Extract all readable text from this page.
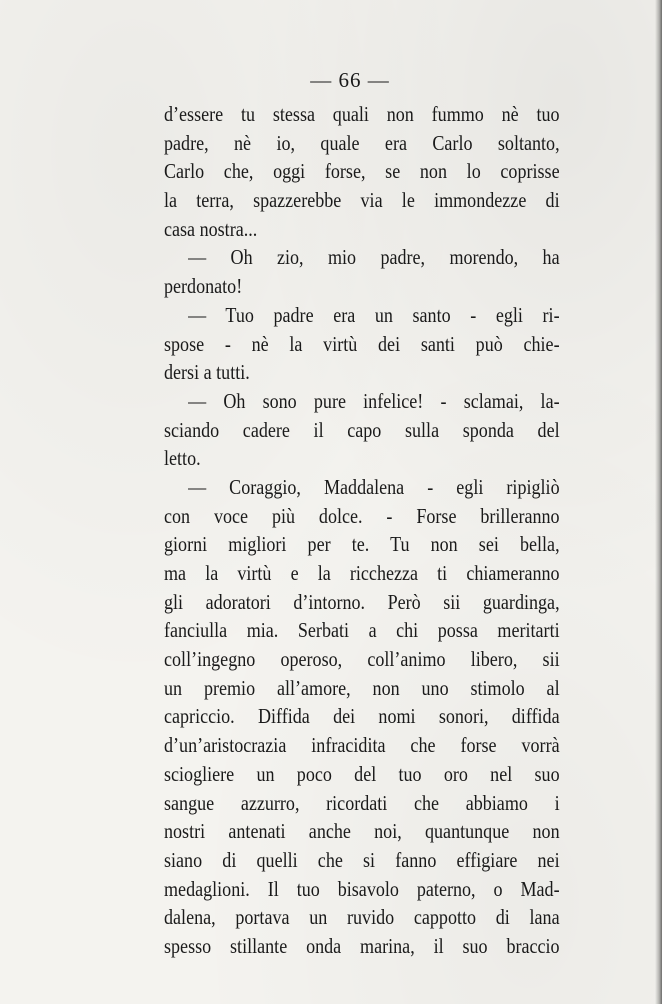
— 66 —
d’essere tu stessa quali non fummo nè tuo
padre, nè io, quale era Carlo soltanto,
Carlo che, oggi forse, se non lo coprisse
la terra, spazzerebbe via le immondezze di
casa nostra...
— Oh zio, mio padre, morendo, ha
perdonato!
— Tuo padre era un santo - egli ri-
spose - nè la virtù dei santi può chie-
dersi a tutti.
— Oh sono pure infelice! - sclamai, la-
sciando cadere il capo sulla sponda del
letto.
— Coraggio, Maddalena - egli ripigliò
con voce più dolce. - Forse brilleranno
giorni migliori per te. Tu non sei bella,
ma la virtù e la ricchezza ti chiameranno
gli adoratori d’intorno. Però sii guardinga,
fanciulla mia. Serbati a chi possa meritarti
coll’ingegno operoso, coll’animo libero, sii
un premio all’amore, non uno stimolo al
capriccio. Diffida dei nomi sonori, diffida
d’un’aristocrazia infracidita che forse vorrà
sciogliere un poco del tuo oro nel suo
sangue azzurro, ricordati che abbiamo i
nostri antenati anche noi, quantunque non
siano di quelli che si fanno effigiare nei
medaglioni. Il tuo bisavolo paterno, o Mad-
dalena, portava un ruvido cappotto di lana
spesso stillante onda marina, il suo braccio
